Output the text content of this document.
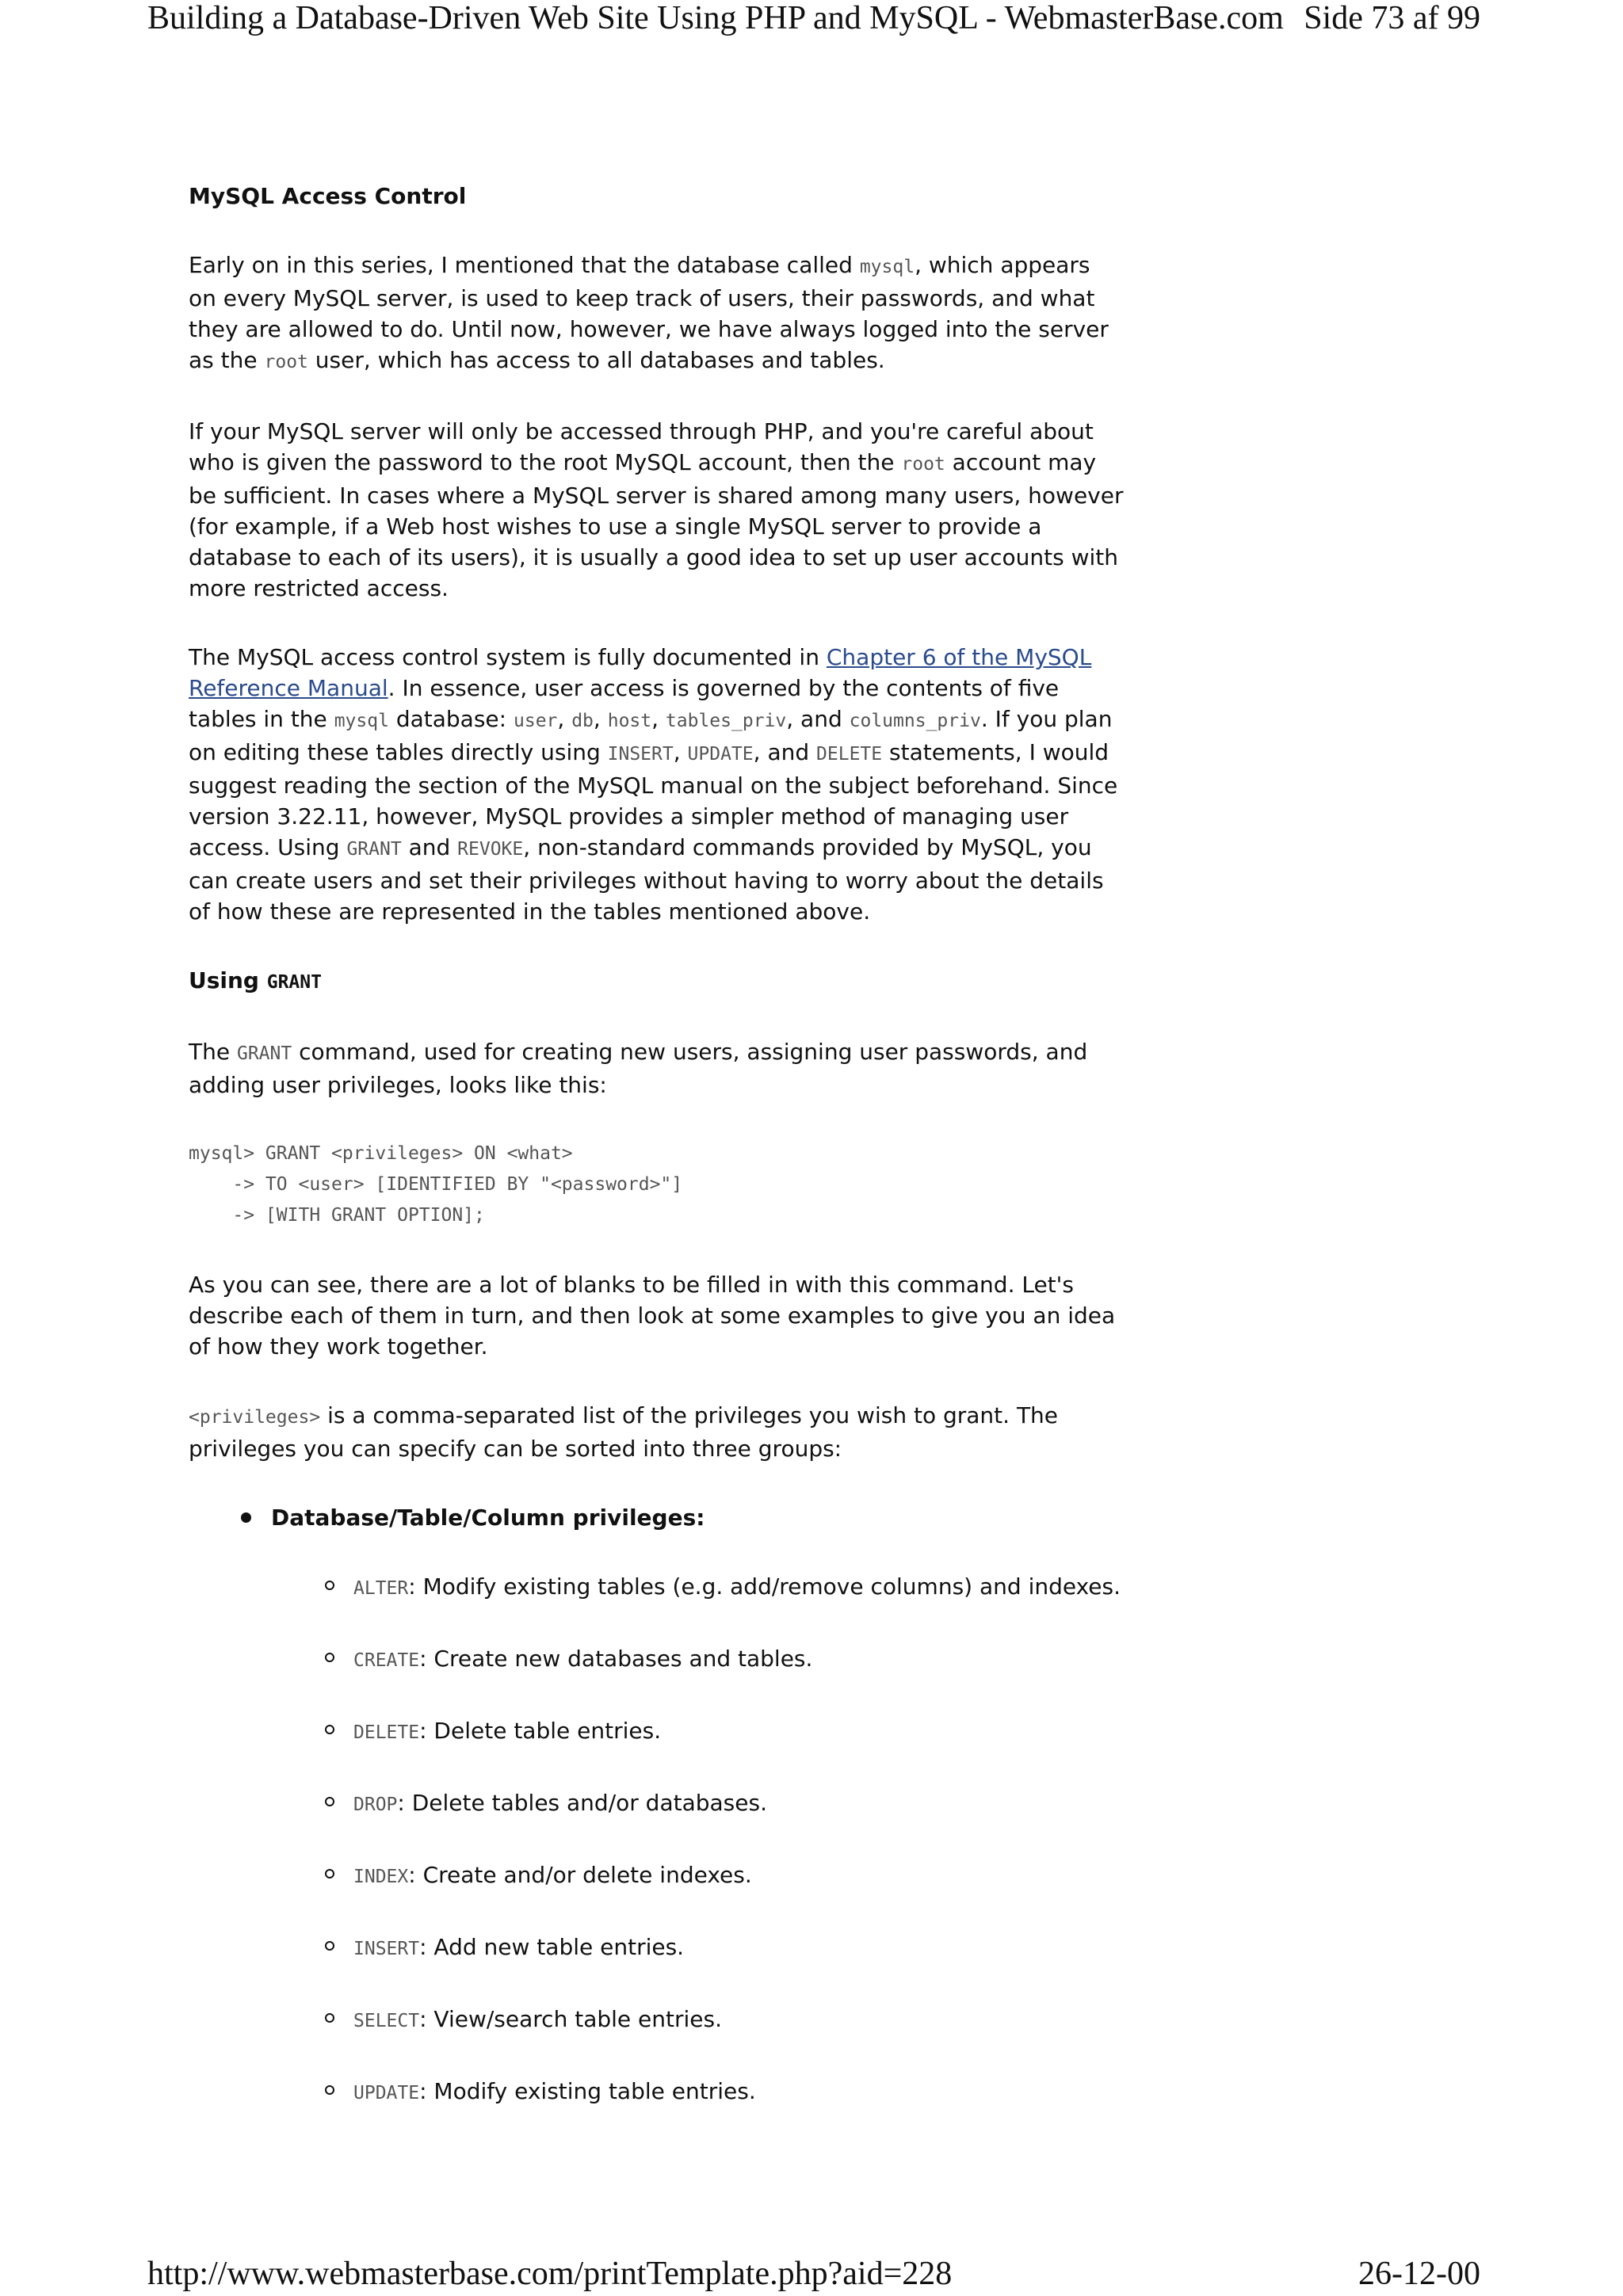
Building a Database-Driven Web Site Using PHP and MySQL - WebmasterBase.com Side 73 af 99
MySQL Access Control

Early on in this series, I mentioned that the database called mysql, which appears on every MySQL server, is used to keep track of users, their passwords, and what they are allowed to do. Until now, however, we have always logged into the server as the root user, which has access to all databases and tables.

If your MySQL server will only be accessed through PHP, and you're careful about who is given the password to the root MySQL account, then the root account may be sufficient. In cases where a MySQL server is shared among many users, however (for example, if a Web host wishes to use a single MySQL server to provide a database to each of its users), it is usually a good idea to set up user accounts with more restricted access.

The MySQL access control system is fully documented in Chapter 6 of the MySQL Reference Manual. In essence, user access is governed by the contents of five tables in the mysql database: user, db, host, tables_priv, and columns_priv. If you plan on editing these tables directly using INSERT, UPDATE, and DELETE statements, I would suggest reading the section of the MySQL manual on the subject beforehand. Since version 3.22.11, however, MySQL provides a simpler method of managing user access. Using GRANT and REVOKE, non-standard commands provided by MySQL, you can create users and set their privileges without having to worry about the details of how these are represented in the tables mentioned above.

Using GRANT

The GRANT command, used for creating new users, assigning user passwords, and adding user privileges, looks like this:

mysql> GRANT <privileges> ON <what>
-> TO <user> [IDENTIFIED BY "<password>"]
-> [WITH GRANT OPTION];

As you can see, there are a lot of blanks to be filled in with this command. Let's describe each of them in turn, and then look at some examples to give you an idea of how they work together.

<privileges> is a comma-separated list of the privileges you wish to grant. The privileges you can specify can be sorted into three groups:

Database/Table/Column privileges:
ALTER: Modify existing tables (e.g. add/remove columns) and indexes.
CREATE: Create new databases and tables.
DELETE: Delete table entries.
DROP: Delete tables and/or databases.
INDEX: Create and/or delete indexes.
INSERT: Add new table entries.
SELECT: View/search table entries.
UPDATE: Modify existing table entries.
http://www.webmasterbase.com/printTemplate.php?aid=228	26-12-00
